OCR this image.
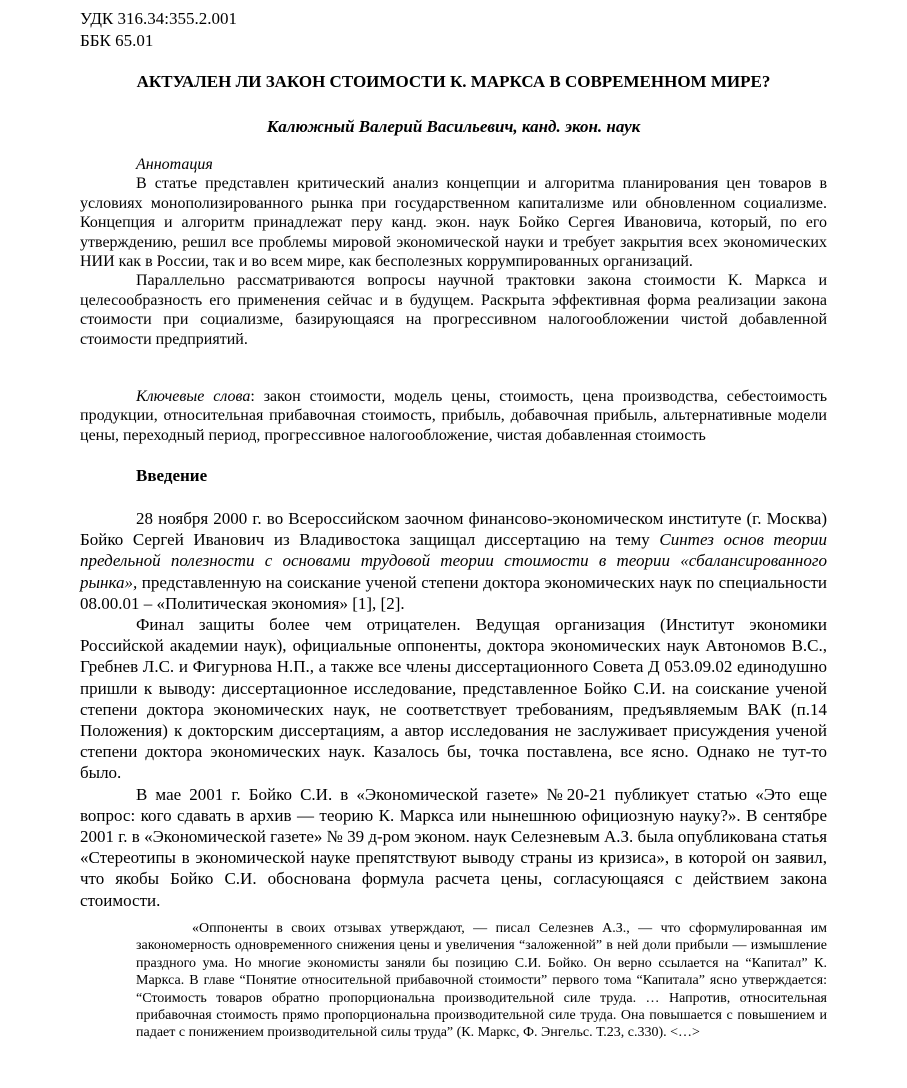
УДК 316.34:355.2.001
ББК 65.01
АКТУАЛЕН ЛИ ЗАКОН СТОИМОСТИ К. МАРКСА В СОВРЕМЕННОМ МИРЕ?
Калюжный Валерий Васильевич, канд. экон. наук
Аннотация

В статье представлен критический анализ концепции и алгоритма планирования цен товаров в условиях монополизированного рынка при государственном капитализме или обновленном социализме. Концепция и алгоритм принадлежат перу канд. экон. наук Бойко Сергея Ивановича, который, по его утверждению, решил все проблемы мировой экономической науки и требует закрытия всех экономических НИИ как в России, так и во всем мире, как бесполезных коррумпированных организаций.

Параллельно рассматриваются вопросы научной трактовки закона стоимости К. Маркса и целесообразность его применения сейчас и в будущем. Раскрыта эффективная форма реализации закона стоимости при социализме, базирующаяся на прогрессивном налогообложении чистой добавленной стоимости предприятий.

Ключевые слова: закон стоимости, модель цены, стоимость, цена производства, себестоимость продукции, относительная прибавочная стоимость, прибыль, добавочная прибыль, альтернативные модели цены, переходный период, прогрессивное налогообложение, чистая добавленная стоимость

Введение

28 ноября 2000 г. во Всероссийском заочном финансово-экономическом институте (г. Москва) Бойко Сергей Иванович из Владивостока защищал диссертацию на тему Синтез основ теории предельной полезности с основами трудовой теории стоимости в теории «сбалансированного рынка», представленную на соискание ученой степени доктора экономических наук по специальности 08.00.01 – «Политическая экономия» [1], [2].

Финал защиты более чем отрицателен. Ведущая организация (Институт экономики Российской академии наук), официальные оппоненты, доктора экономических наук Автономов В.С., Гребнев Л.С. и Фигурнова Н.П., а также все члены диссертационного Совета Д 053.09.02 единодушно пришли к выводу: диссертационное исследование, представленное Бойко С.И. на соискание ученой степени доктора экономических наук, не соответствует требованиям, предъявляемым ВАК (п.14 Положения) к докторским диссертациям, а автор исследования не заслуживает присуждения ученой степени доктора экономических наук. Казалось бы, точка поставлена, все ясно. Однако не тут-то было.

В мае 2001 г. Бойко С.И. в «Экономической газете» №20-21 публикует статью «Это еще вопрос: кого сдавать в архив — теорию К. Маркса или нынешнюю официозную науку?». В сентябре 2001 г. в «Экономической газете» № 39 д-ром эконом. наук Селезневым А.З. была опубликована статья «Стереотипы в экономической науке препятствуют выводу страны из кризиса», в которой он заявил, что якобы Бойко С.И. обоснована формула расчета цены, согласующаяся с действием закона стоимости.

«Оппоненты в своих отзывах утверждают, — писал Селезнев А.З., — что сформулированная им закономерность одновременного снижения цены и увеличения “заложенной” в ней доли прибыли — измышление праздного ума. Но многие экономисты заняли бы позицию С.И. Бойко. Он верно ссылается на “Капитал” К. Маркса. В главе “Понятие относительной прибавочной стоимости” первого тома “Капитала” ясно утверждается: “Стоимость товаров обратно пропорциональна производительной силе труда. … Напротив, относительная прибавочная стоимость прямо пропорциональна производительной силе труда. Она повышается с повышением и падает с понижением производительной силы труда” (К. Маркс, Ф. Энгельс. Т.23, с.330). <…>
